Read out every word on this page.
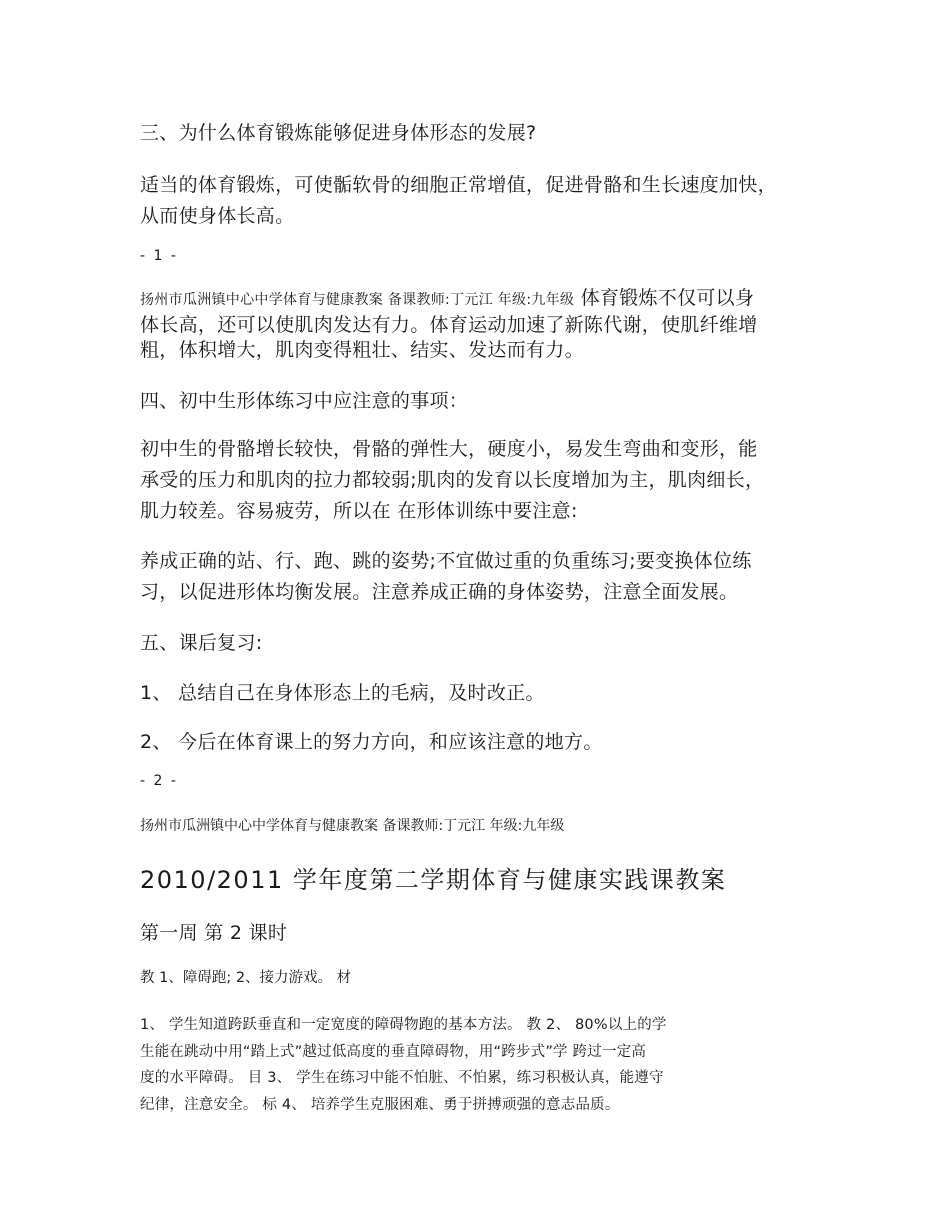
三、为什么体育锻炼能够促进身体形态的发展?
适当的体育锻炼，可使骺软骨的细胞正常增值，促进骨骼和生长速度加快，
从而使身体长高。
- 1 -
扬州市瓜洲镇中心中学体育与健康教案 备课教师:丁元江 年级:九年级 体育锻炼不仅可以身
体长高，还可以使肌肉发达有力。体育运动加速了新陈代谢，使肌纤维增
粗，体积增大，肌肉变得粗壮、结实、发达而有力。
四、初中生形体练习中应注意的事项：
初中生的骨骼增长较快，骨骼的弹性大，硬度小，易发生弯曲和变形，能
承受的压力和肌肉的拉力都较弱;肌肉的发育以长度增加为主，肌肉细长，
肌力较差。容易疲劳，所以在 在形体训练中要注意:
养成正确的站、行、跑、跳的姿势;不宜做过重的负重练习;要变换体位练
习，以促进形体均衡发展。注意养成正确的身体姿势，注意全面发展。
五、课后复习:
1、 总结自己在身体形态上的毛病，及时改正。
2、 今后在体育课上的努力方向，和应该注意的地方。
- 2 -
扬州市瓜洲镇中心中学体育与健康教案 备课教师:丁元江 年级:九年级
2010/2011 学年度第二学期体育与健康实践课教案
第一周 第 2 课时
教 1、障碍跑; 2、接力游戏。 材
1、 学生知道跨跃垂直和一定宽度的障碍物跑的基本方法。 教 2、 80%以上的学
生能在跳动中用“踏上式”越过低高度的垂直障碍物，用“跨步式”学 跨过一定高
度的水平障碍。 目 3、 学生在练习中能不怕脏、不怕累，练习积极认真，能遵守
纪律，注意安全。 标 4、 培养学生克服困难、勇于拼搏顽强的意志品质。
